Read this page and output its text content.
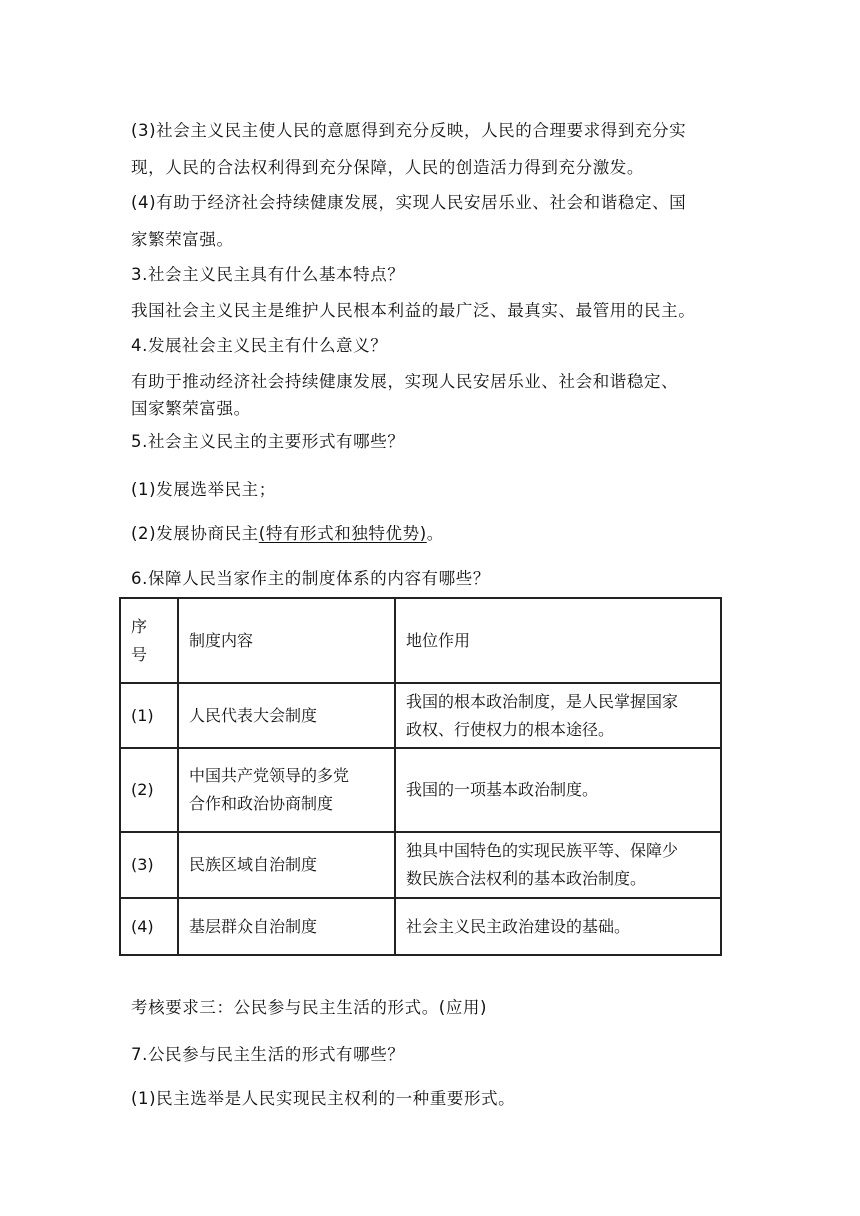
(3)社会主义民主使人民的意愿得到充分反映，人民的合理要求得到充分实
现，人民的合法权利得到充分保障，人民的创造活力得到充分激发。
(4)有助于经济社会持续健康发展，实现人民安居乐业、社会和谐稳定、国
家繁荣富强。
3.社会主义民主具有什么基本特点？
我国社会主义民主是维护人民根本利益的最广泛、最真实、最管用的民主。
4.发展社会主义民主有什么意义？
有助于推动经济社会持续健康发展，实现人民安居乐业、社会和谐稳定、
国家繁荣富强。
5.社会主义民主的主要形式有哪些？
(1)发展选举民主；
(2)发展协商民主(特有形式和独特优势)。
6.保障人民当家作主的制度体系的内容有哪些？
序
号	制度内容	地位作用
(1)	人民代表大会制度	我国的根本政治制度，是人民掌握国家
政权、行使权力的根本途径。

(2)	中国共产党领导的多党
合作和政治协商制度	我国的一项基本政治制度。
(3)	民族区域自治制度	独具中国特色的实现民族平等、保障少
数民族合法权利的基本政治制度。

(4)	基层群众自治制度	社会主义民主政治建设的基础。
考核要求三：公民参与民主生活的形式。(应用)
7.公民参与民主生活的形式有哪些？
(1)民主选举是人民实现民主权利的一种重要形式。
